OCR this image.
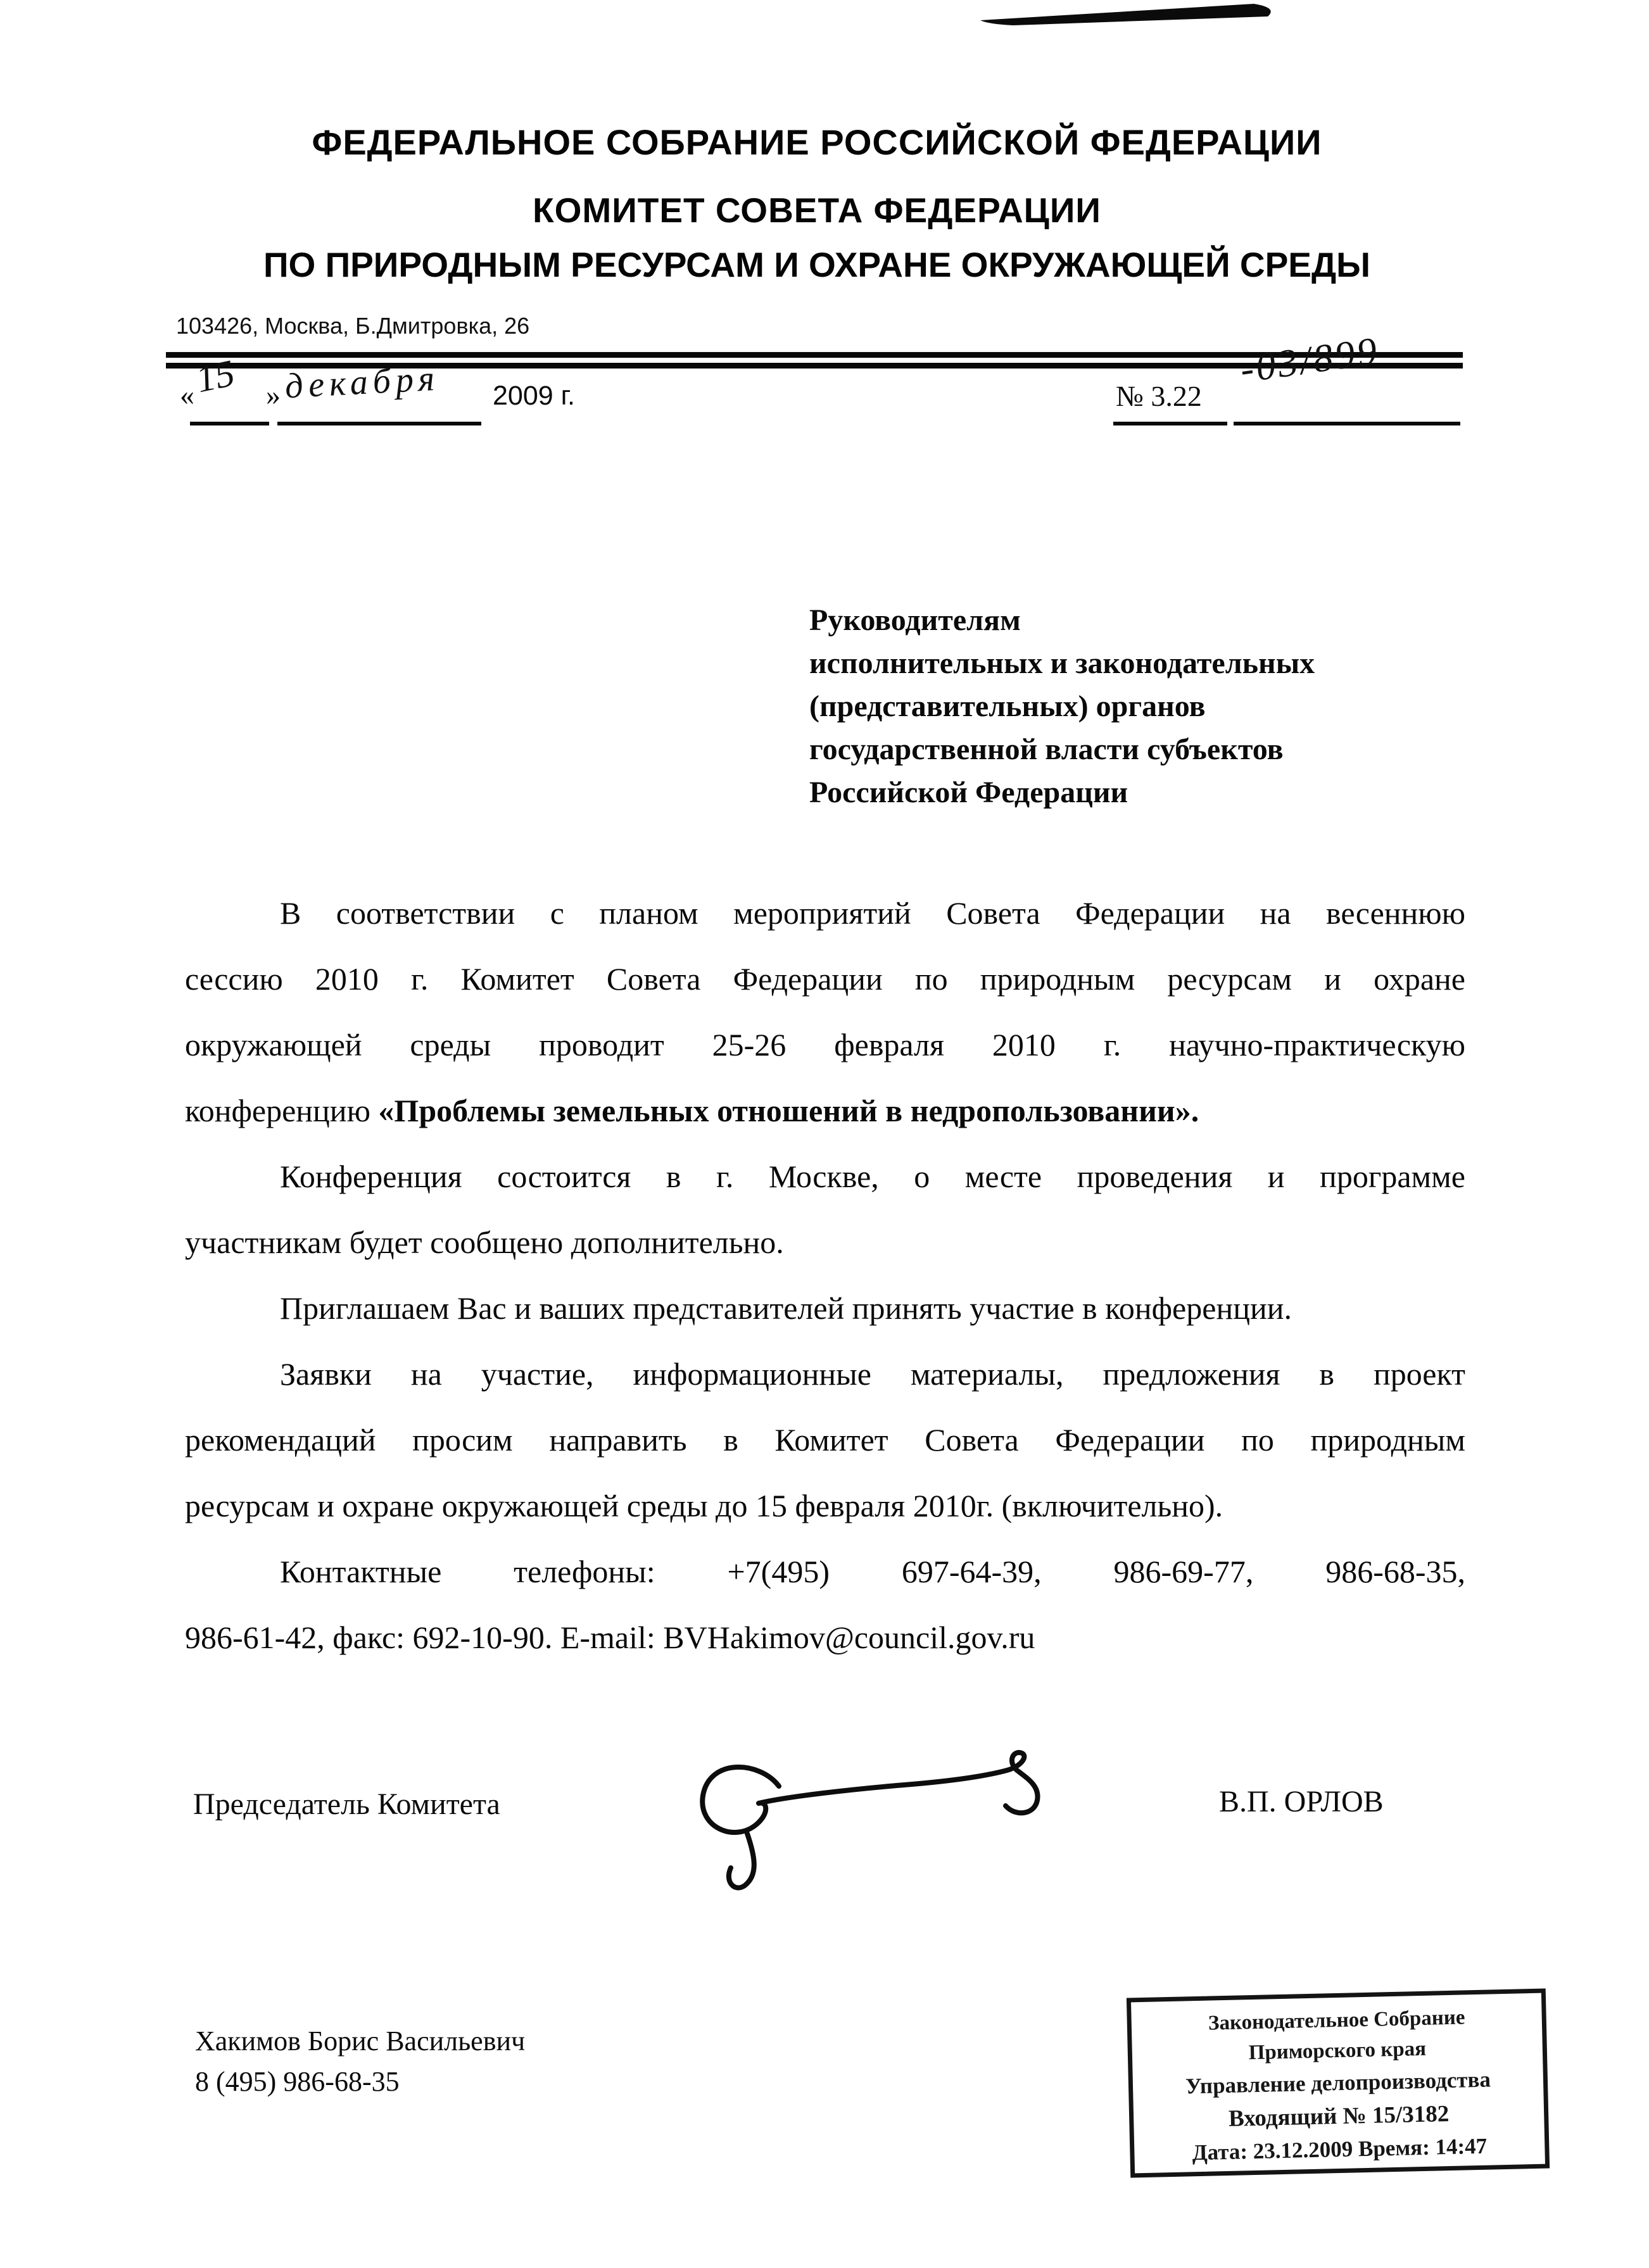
ФЕДЕРАЛЬНОЕ СОБРАНИЕ РОССИЙСКОЙ ФЕДЕРАЦИИ
КОМИТЕТ СОВЕТА ФЕДЕРАЦИИ
ПО ПРИРОДНЫМ РЕСУРСАМ И ОХРАНЕ ОКРУЖАЮЩЕЙ СРЕДЫ
103426, Москва, Б.Дмитровка, 26
«
15 » декабря 2009 г.	№ 3.22
-03/899
Руководителям
исполнительных и законодательных
(представительных) органов
государственной власти субъектов
Российской Федерации
В соответствии с планом мероприятий Совета Федерации на весеннюю
сессию 2010 г. Комитет Совета Федерации по природным ресурсам и охране
окружающей среды проводит 25-26 февраля 2010 г. научно-практическую
конференцию «Проблемы земельных отношений в недропользовании».
Конференция состоится в г. Москве, о месте проведения и программе
участникам будет сообщено дополнительно.
Приглашаем Вас и ваших представителей принять участие в конференции.
Заявки на участие, информационные материалы, предложения в проект
рекомендаций просим направить в Комитет Совета Федерации по природным
ресурсам и охране окружающей среды до 15 февраля 2010г. (включительно).
Контактные телефоны: +7(495) 697-64-39, 986-69-77, 986-68-35,
986-61-42, факс: 692-10-90. E-mail: BVHakimov@council.gov.ru
Председатель Комитета	В.П. ОРЛОВ
Хакимов Борис Васильевич
8 (495) 986-68-35
Законодательное Собрание
Приморского края
Управление делопроизводства
Входящий № 15/3182
Дата: 23.12.2009 Время: 14:47
